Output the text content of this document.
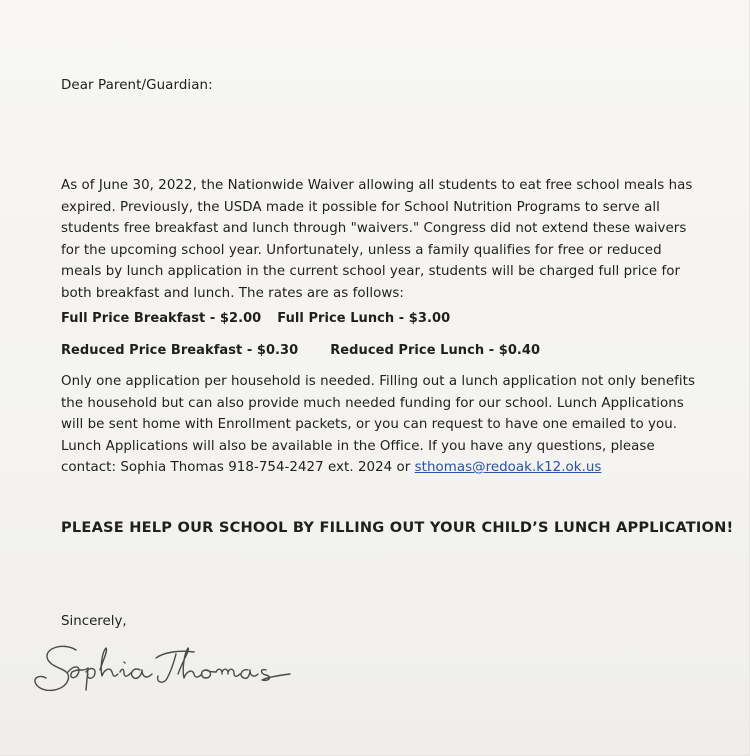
Dear Parent/Guardian:

As of June 30, 2022, the Nationwide Waiver allowing all students to eat free school meals has expired. Previously, the USDA made it possible for School Nutrition Programs to serve all students free breakfast and lunch through "waivers." Congress did not extend these waivers for the upcoming school year. Unfortunately, unless a family qualifies for free or reduced meals by lunch application in the current school year, students will be charged full price for both breakfast and lunch. The rates are as follows:

Full Price Breakfast - $2.00 Full Price Lunch - $3.00
Reduced Price Breakfast - $0.30 Reduced Price Lunch - $0.40

Only one application per household is needed. Filling out a lunch application not only benefits the household but can also provide much needed funding for our school. Lunch Applications will be sent home with Enrollment packets, or you can request to have one emailed to you. Lunch Applications will also be available in the Office. If you have any questions, please contact: Sophia Thomas 918-754-2427 ext. 2024 or sthomas@redoak.k12.ok.us

PLEASE HELP OUR SCHOOL BY FILLING OUT YOUR CHILD’S LUNCH APPLICATION!
Sincerely,
